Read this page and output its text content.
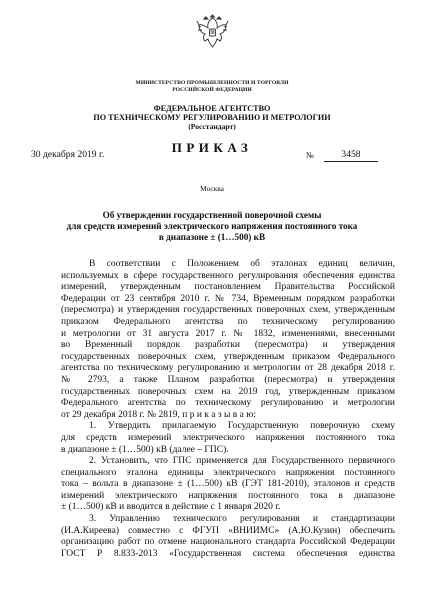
МИНИСТЕРСТВО ПРОМЫШЛЕННОСТИ И ТОРГОВЛИ
РОССИЙСКОЙ ФЕДЕРАЦИИ
ФЕДЕРАЛЬНОЕ АГЕНТСТВО
ПО ТЕХНИЧЕСКОМУ РЕГУЛИРОВАНИЮ И МЕТРОЛОГИИ
(Росстандарт)
ПРИКАЗ
30 декабря 2019 г.	№	3458
Москва
Об утверждении государственной поверочной схемы
для средств измерений электрического напряжения постоянного тока
в диапазоне ± (1…500) кВ
В соответствии с Положением об эталонах единиц величин,
используемых в сфере государственного регулирования обеспечения единства
измерений, утвержденным постановлением Правительства Российской
Федерации от 23 сентября 2010 г. № 734, Временным порядком разработки
(пересмотра) и утверждения государственных поверочных схем, утвержденным
приказом Федерального агентства по техническому регулированию
и метрологии от 31 августа 2017 г. № 1832, изменениями, внесенными
во Временный порядок разработки (пересмотра) и утверждения
государственных поверочных схем, утвержденным приказом Федерального
агентства по техническому регулированию и метрологии от 28 декабря 2018 г.
№ 2793, а также Планом разработки (пересмотра) и утверждения
государственных поверочных схем на 2019 год, утвержденным приказом
Федерального агентства по техническому регулированию и метрологии
от 29 декабря 2018 г. № 2819, п р и к а з ы в а ю:
1. Утвердить прилагаемую Государственную поверочную схему
для средств измерений электрического напряжения постоянного тока
в диапазоне ± (1…500) кВ (далее – ГПС).
2. Установить, что ГПС применяется для Государственного первичного
специального эталона единицы электрического напряжения постоянного
тока – вольта в диапазоне ± (1…500) кВ (ГЭТ 181-2010), эталонов и средств
измерений электрического напряжения постоянного тока в диапазоне
± (1…500) кВ и вводится в действие с 1 января 2020 г.
3. Управлению технического регулирования и стандартизации
(И.А.Киреева) совместно с ФГУП «ВНИИМС» (А.Ю.Кузин) обеспечить
организацию работ по отмене национального стандарта Российской Федерации
ГОСТ Р 8.833-2013 «Государственная система обеспечения единства
